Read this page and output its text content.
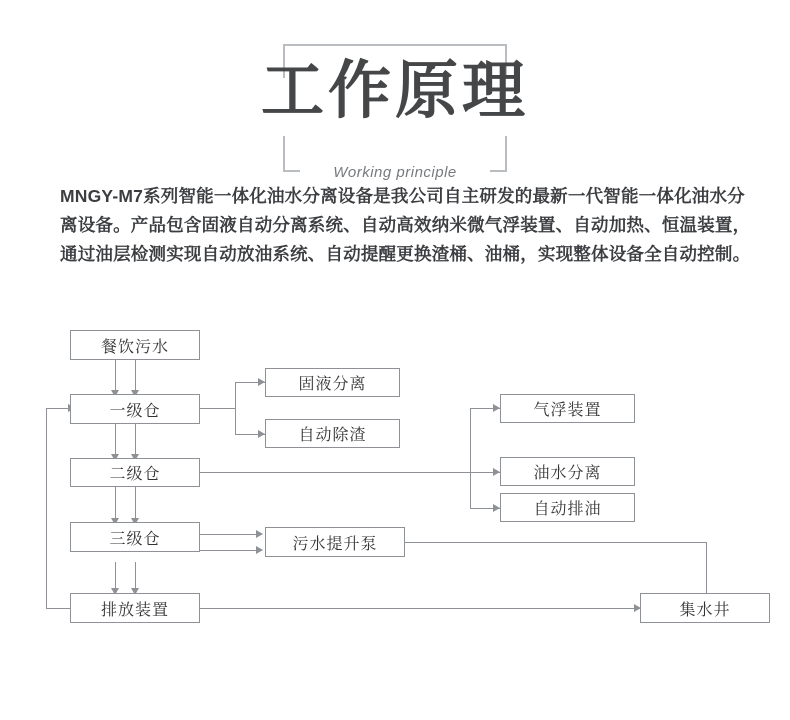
工作原理
Working principle
MNGY-M7系列智能一体化油水分离设备是我公司自主研发的最新一代智能一体化油水分离设备。产品包含固液自动分离系统、自动高效纳米微气浮装置、自动加热、恒温装置，通过油层检测实现自动放油系统、自动提醒更换渣桶、油桶，实现整体设备全自动控制。
餐饮污水
一级仓
固液分离
自动除渣
二级仓
气浮装置
油水分离
自动排油
三级仓	污水提升泵
排放装置	集水井
